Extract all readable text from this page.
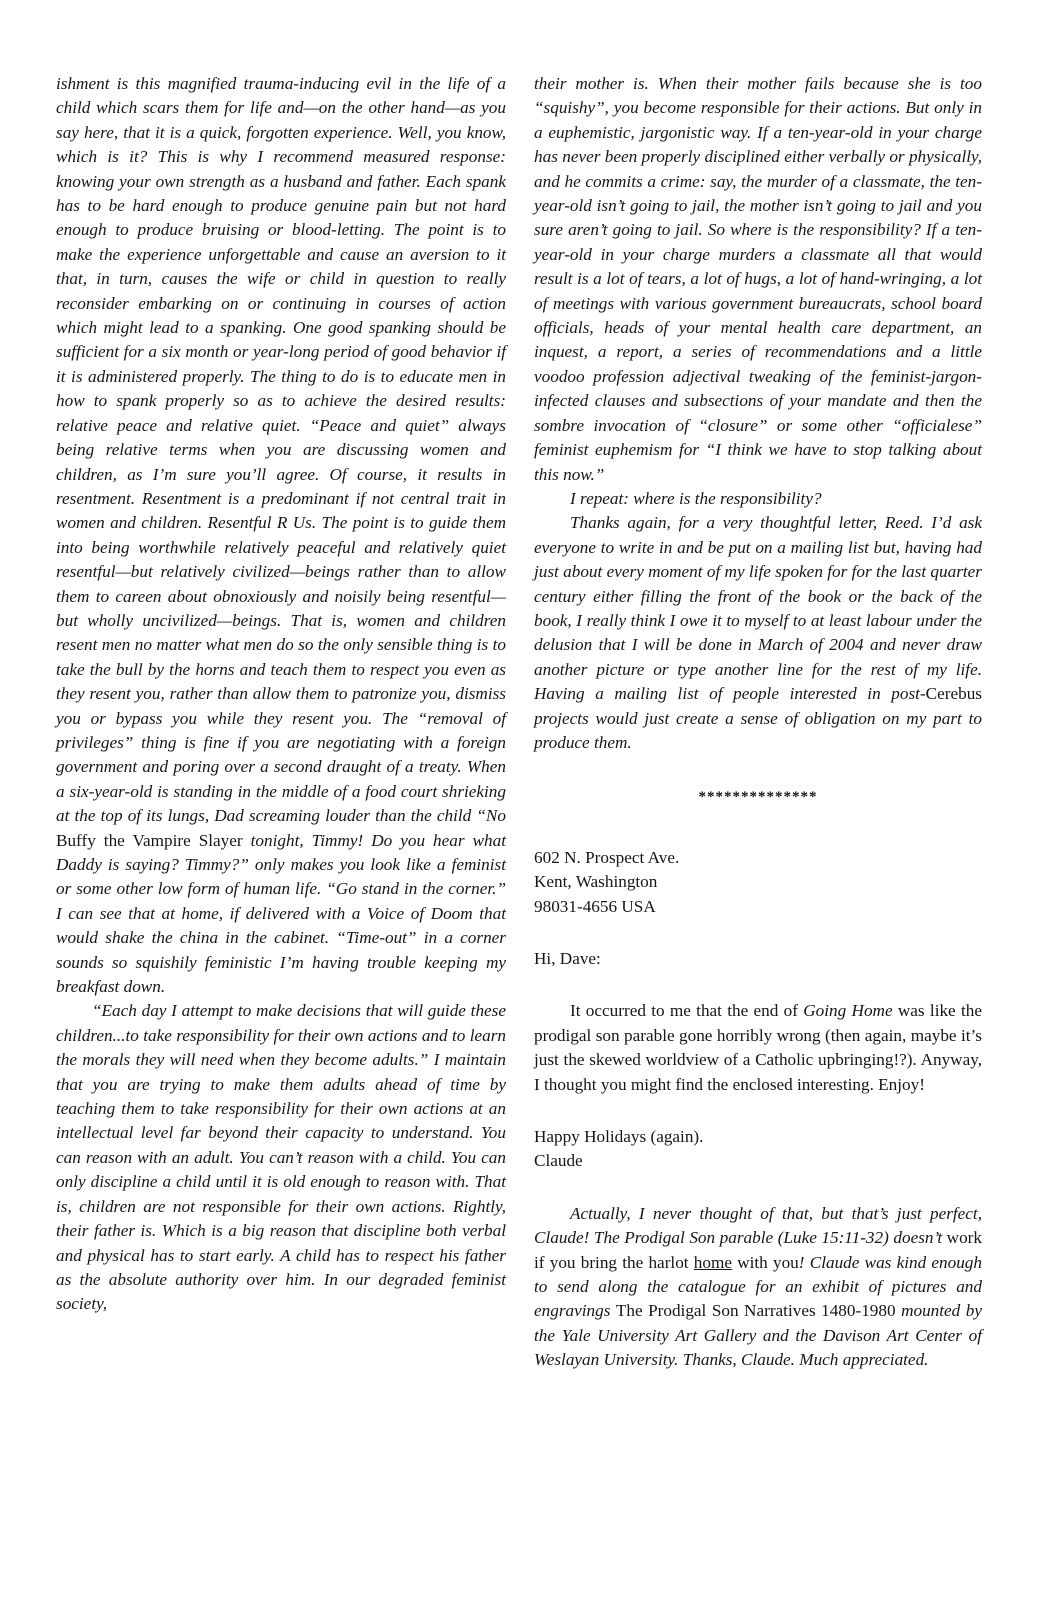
ishment is this magnified trauma-inducing evil in the life of a child which scars them for life and—on the other hand—as you say here, that it is a quick, forgotten experience. Well, you know, which is it? This is why I recommend measured response: knowing your own strength as a husband and father. Each spank has to be hard enough to produce genuine pain but not hard enough to produce bruising or blood-letting. The point is to make the experience unforgettable and cause an aversion to it that, in turn, causes the wife or child in question to really reconsider embarking on or continuing in courses of action which might lead to a spanking. One good spanking should be sufficient for a six month or year-long period of good behavior if it is administered properly. The thing to do is to educate men in how to spank properly so as to achieve the desired results: relative peace and relative quiet. “Peace and quiet” always being relative terms when you are discussing women and children, as I’m sure you’ll agree. Of course, it results in resentment. Resentment is a predominant if not central trait in women and children. Resentful R Us. The point is to guide them into being worthwhile relatively peaceful and relatively quiet resentful—but relatively civilized—beings rather than to allow them to careen about obnoxiously and noisily being resentful—but wholly uncivilized—beings. That is, women and children resent men no matter what men do so the only sensible thing is to take the bull by the horns and teach them to respect you even as they resent you, rather than allow them to patronize you, dismiss you or bypass you while they resent you. The “removal of privileges” thing is fine if you are negotiating with a foreign government and poring over a second draught of a treaty. When a six-year-old is standing in the middle of a food court shrieking at the top of its lungs, Dad screaming louder than the child “No Buffy the Vampire Slayer tonight, Timmy! Do you hear what Daddy is saying? Timmy?” only makes you look like a feminist or some other low form of human life. “Go stand in the corner.” I can see that at home, if delivered with a Voice of Doom that would shake the china in the cabinet. “Time-out” in a corner sounds so squishily feministic I’m having trouble keeping my breakfast down.

“Each day I attempt to make decisions that will guide these children...to take responsibility for their own actions and to learn the morals they will need when they become adults.” I maintain that you are trying to make them adults ahead of time by teaching them to take responsibility for their own actions at an intellectual level far beyond their capacity to understand. You can reason with an adult. You can’t reason with a child. You can only discipline a child until it is old enough to reason with. That is, children are not responsible for their own actions. Rightly, their father is. Which is a big reason that discipline both verbal and physical has to start early. A child has to respect his father as the absolute authority over him. In our degraded feminist society,

their mother is. When their mother fails because she is too “squishy”, you become responsible for their actions. But only in a euphemistic, jargonistic way. If a ten-year-old in your charge has never been properly disciplined either verbally or physically, and he commits a crime: say, the murder of a classmate, the ten-year-old isn’t going to jail, the mother isn’t going to jail and you sure aren’t going to jail. So where is the responsibility? If a ten-year-old in your charge murders a classmate all that would result is a lot of tears, a lot of hugs, a lot of hand-wringing, a lot of meetings with various government bureaucrats, school board officials, heads of your mental health care department, an inquest, a report, a series of recommendations and a little voodoo profession adjectival tweaking of the feminist-jargon-infected clauses and subsections of your mandate and then the sombre invocation of “closure” or some other “officialese” feminist euphemism for “I think we have to stop talking about this now.”

I repeat: where is the responsibility?

Thanks again, for a very thoughtful letter, Reed. I’d ask everyone to write in and be put on a mailing list but, having had just about every moment of my life spoken for for the last quarter century either filling the front of the book or the back of the book, I really think I owe it to myself to at least labour under the delusion that I will be done in March of 2004 and never draw another picture or type another line for the rest of my life. Having a mailing list of people interested in post-Cerebus projects would just create a sense of obligation on my part to produce them.

**************

602 N. Prospect Ave.

Kent, Washington

98031-4656 USA

Hi, Dave:

It occurred to me that the end of Going Home was like the prodigal son parable gone horribly wrong (then again, maybe it’s just the skewed worldview of a Catholic upbringing!?). Anyway, I thought you might find the enclosed interesting. Enjoy!

Happy Holidays (again).

Claude

Actually, I never thought of that, but that’s just perfect, Claude! The Prodigal Son parable (Luke 15:11-32) doesn’t work if you bring the harlot home with you! Claude was kind enough to send along the catalogue for an exhibit of pictures and engravings The Prodigal Son Narratives 1480-1980 mounted by the Yale University Art Gallery and the Davison Art Center of Weslayan University. Thanks, Claude. Much appreciated.
